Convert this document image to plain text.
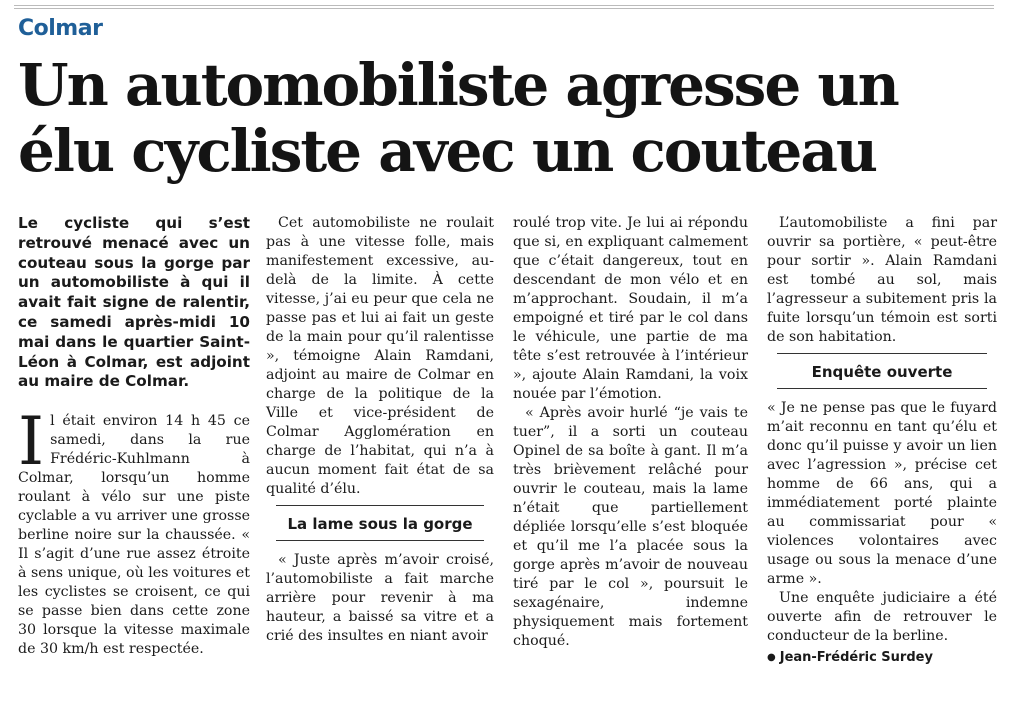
Colmar
Un automobiliste agresse un élu cycliste avec un couteau

Le cycliste qui s’est retrouvé menacé avec un couteau sous la gorge par un automobiliste à qui il avait fait signe de ralentir, ce samedi après-midi 10 mai dans le quartier Saint-Léon à Colmar, est adjoint au maire de Colmar.

Il était environ 14 h 45 ce samedi, dans la rue Frédéric-Kuhlmann à Colmar, lorsqu’un homme roulant à vélo sur une piste cyclable a vu arriver une grosse berline noire sur la chaussée. « Il s’agit d’une rue assez étroite à sens unique, où les voitures et les cyclistes se croisent, ce qui se passe bien dans cette zone 30 lorsque la vitesse maximale de 30 km/h est respectée.

Cet automobiliste ne roulait pas à une vitesse folle, mais manifestement excessive, au-delà de la limite. À cette vitesse, j’ai eu peur que cela ne passe pas et lui ai fait un geste de la main pour qu’il ralentisse », témoigne Alain Ramdani, adjoint au maire de Colmar en charge de la politique de la Ville et vice-président de Colmar Agglomération en charge de l’habitat, qui n’a à aucun moment fait état de sa qualité d’élu.

La lame sous la gorge

« Juste après m’avoir croisé, l’automobiliste a fait marche arrière pour revenir à ma hauteur, a baissé sa vitre et a crié des insultes en niant avoir

roulé trop vite. Je lui ai répondu que si, en expliquant calmement que c’était dangereux, tout en descendant de mon vélo et en m’approchant. Soudain, il m’a empoigné et tiré par le col dans le véhicule, une partie de ma tête s’est retrouvée à l’intérieur », ajoute Alain Ramdani, la voix nouée par l’émotion.

« Après avoir hurlé “je vais te tuer”, il a sorti un couteau Opinel de sa boîte à gant. Il m’a très brièvement relâché pour ouvrir le couteau, mais la lame n’était que partiellement dépliée lorsqu’elle s’est bloquée et qu’il me l’a placée sous la gorge après m’avoir de nouveau tiré par le col », poursuit le sexagénaire, indemne physiquement mais fortement choqué.

L’automobiliste a fini par ouvrir sa portière, « peut-être pour sortir ». Alain Ramdani est tombé au sol, mais l’agresseur a subitement pris la fuite lorsqu’un témoin est sorti de son habitation.

Enquête ouverte

« Je ne pense pas que le fuyard m’ait reconnu en tant qu’élu et donc qu’il puisse y avoir un lien avec l’agression », précise cet homme de 66 ans, qui a immédiatement porté plainte au commissariat pour « violences volontaires avec usage ou sous la menace d’une arme ».

Une enquête judiciaire a été ouverte afin de retrouver le conducteur de la berline.

● Jean-Frédéric Surdey
